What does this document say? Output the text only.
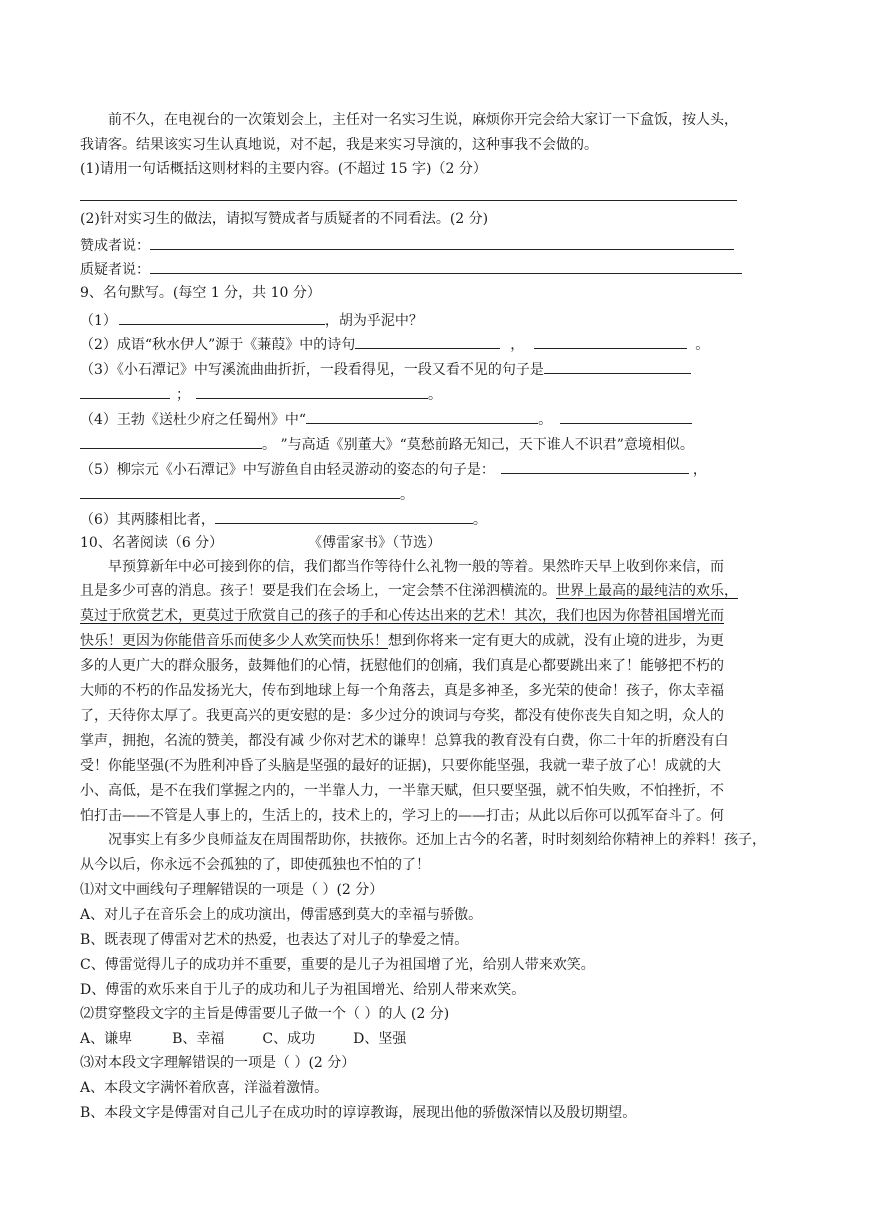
前不久，在电视台的一次策划会上，主任对一名实习生说，麻烦你开完会给大家订一下盒饭，按人头，
我请客。结果该实习生认真地说，对不起，我是来实习导演的，这种事我不会做的。
(1)请用一句话概括这则材料的主要内容。(不超过 15 字)（2 分）
(2)针对实习生的做法，请拟写赞成者与质疑者的不同看法。(2 分)
赞成者说：
质疑者说：
9、名句默写。(每空 1 分，共 10 分）
（1）	，胡为乎泥中？
（2）成语“秋水伊人”源于《蒹葭》中的诗句	，	。
（3）《小石潭记》中写溪流曲曲折折，一段看得见，一段又看不见的句子是
；	。
（4）王勃《送杜少府之任蜀州》中“	。
。 ”与高适《别董大》“莫愁前路无知己，天下谁人不识君”意境相似。
（5）柳宗元《小石潭记》中写游鱼自由轻灵游动的姿态的句子是：	，
。
（6）其两膝相比者，	。
10、名著阅读（6 分）	《傅雷家书》（节选）
早预算新年中必可接到你的信，我们都当作等待什么礼物一般的等着。果然昨天早上收到你来信，而
且是多少可喜的消息。孩子！要是我们在会场上，一定会禁不住涕泗横流的。世界上最高的最纯洁的欢乐，
莫过于欣赏艺术，更莫过于欣赏自己的孩子的手和心传达出来的艺术！其次，我们也因为你替祖国增光而
快乐！更因为你能借音乐而使多少人欢笑而快乐！想到你将来一定有更大的成就，没有止境的进步，为更
多的人更广大的群众服务，鼓舞他们的心情，抚慰他们的创痛，我们真是心都要跳出来了！能够把不朽的
大师的不朽的作品发扬光大，传布到地球上每一个角落去，真是多神圣，多光荣的使命！孩子，你太幸福
了，天待你太厚了。我更高兴的更安慰的是：多少过分的谀词与夸奖，都没有使你丧失自知之明，众人的
掌声，拥抱，名流的赞美，都没有减 少你对艺术的谦卑！总算我的教育没有白费，你二十年的折磨没有白
受！你能坚强(不为胜利冲昏了头脑是坚强的最好的证据)，只要你能坚强，我就一辈子放了心！成就的大
小、高低，是不在我们掌握之内的，一半靠人力，一半靠天赋，但只要坚强，就不怕失败，不怕挫折，不
怕打击——不管是人事上的，生活上的，技术上的，学习上的——打击；从此以后你可以孤军奋斗了。何
况事实上有多少良师益友在周围帮助你，扶掖你。还加上古今的名著，时时刻刻给你精神上的养料！孩子，
从今以后，你永远不会孤独的了，即使孤独也不怕的了！
⑴对文中画线句子理解错误的一项是（ ）(2 分）
A、对儿子在音乐会上的成功演出，傅雷感到莫大的幸福与骄傲。
B、既表现了傅雷对艺术的热爱，也表达了对儿子的挚爱之情。
C、傅雷觉得儿子的成功并不重要，重要的是儿子为祖国增了光，给别人带来欢笑。
D、傅雷的欢乐来自于儿子的成功和儿子为祖国增光、给别人带来欢笑。
⑵贯穿整段文字的主旨是傅雷要儿子做一个（ ）的人 (2 分)
A、谦卑	B、幸福	C、成功	D、坚强
⑶对本段文字理解错误的一项是（ ）(2 分）
A、本段文字满怀着欣喜，洋溢着激情。
B、本段文字是傅雷对自己儿子在成功时的谆谆教诲，展现出他的骄傲深情以及殷切期望。
